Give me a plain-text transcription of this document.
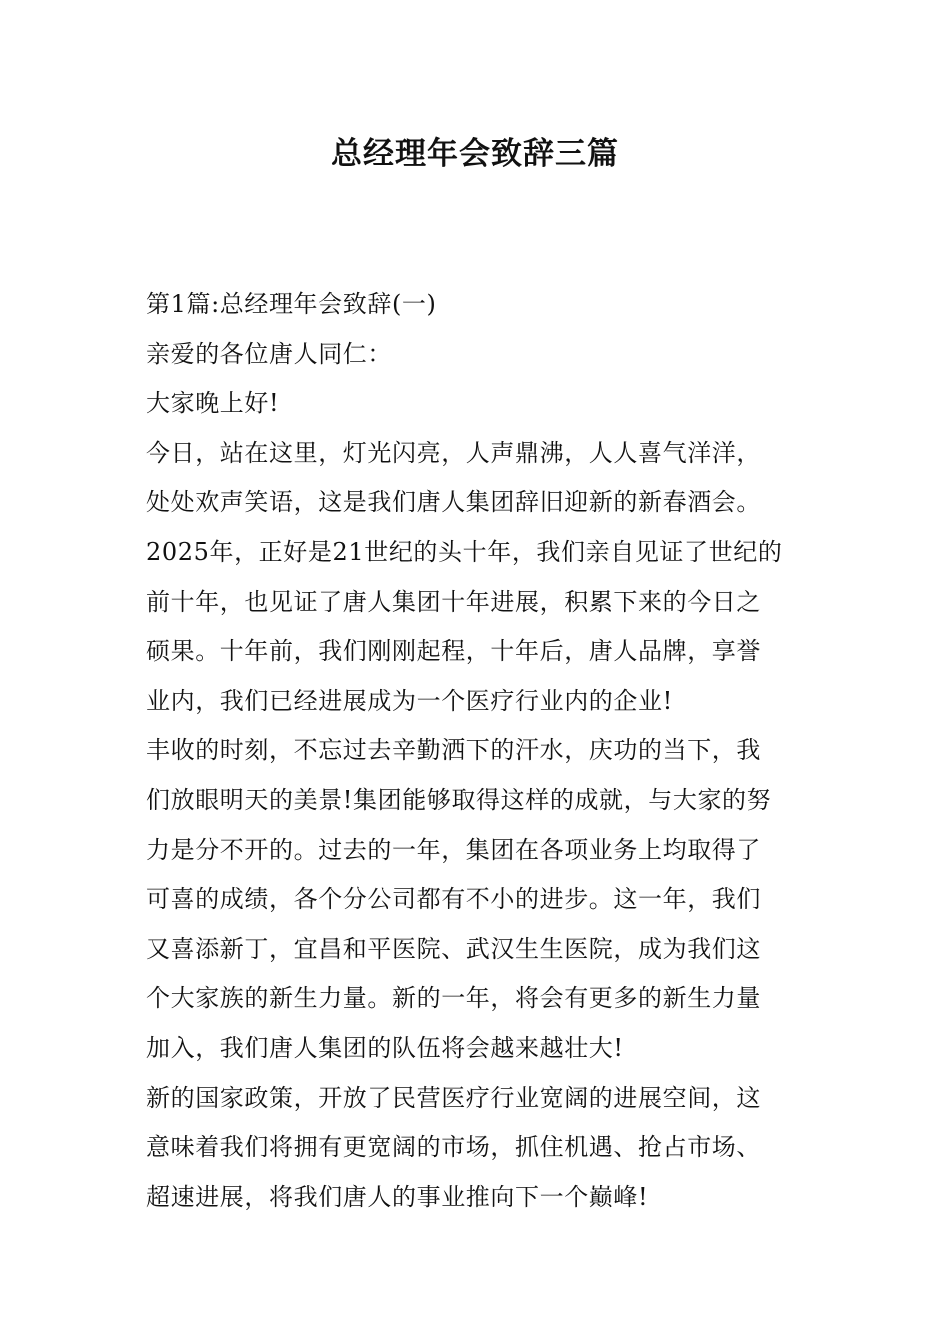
总经理年会致辞三篇
第1篇:总经理年会致辞(一)
亲爱的各位唐人同仁：
大家晚上好!
今日，站在这里，灯光闪亮，人声鼎沸，人人喜气洋洋，
处处欢声笑语，这是我们唐人集团辞旧迎新的新春酒会。
2025年，正好是21世纪的头十年，我们亲自见证了世纪的
前十年，也见证了唐人集团十年进展，积累下来的今日之
硕果。十年前，我们刚刚起程，十年后，唐人品牌，享誉
业内，我们已经进展成为一个医疗行业内的企业!
丰收的时刻，不忘过去辛勤洒下的汗水，庆功的当下，我
们放眼明天的美景!集团能够取得这样的成就，与大家的努
力是分不开的。过去的一年，集团在各项业务上均取得了
可喜的成绩，各个分公司都有不小的进步。这一年，我们
又喜添新丁，宜昌和平医院、武汉生生医院，成为我们这
个大家族的新生力量。新的一年，将会有更多的新生力量
加入，我们唐人集团的队伍将会越来越壮大!
新的国家政策，开放了民营医疗行业宽阔的进展空间，这
意味着我们将拥有更宽阔的市场，抓住机遇、抢占市场、
超速进展，将我们唐人的事业推向下一个巅峰!
